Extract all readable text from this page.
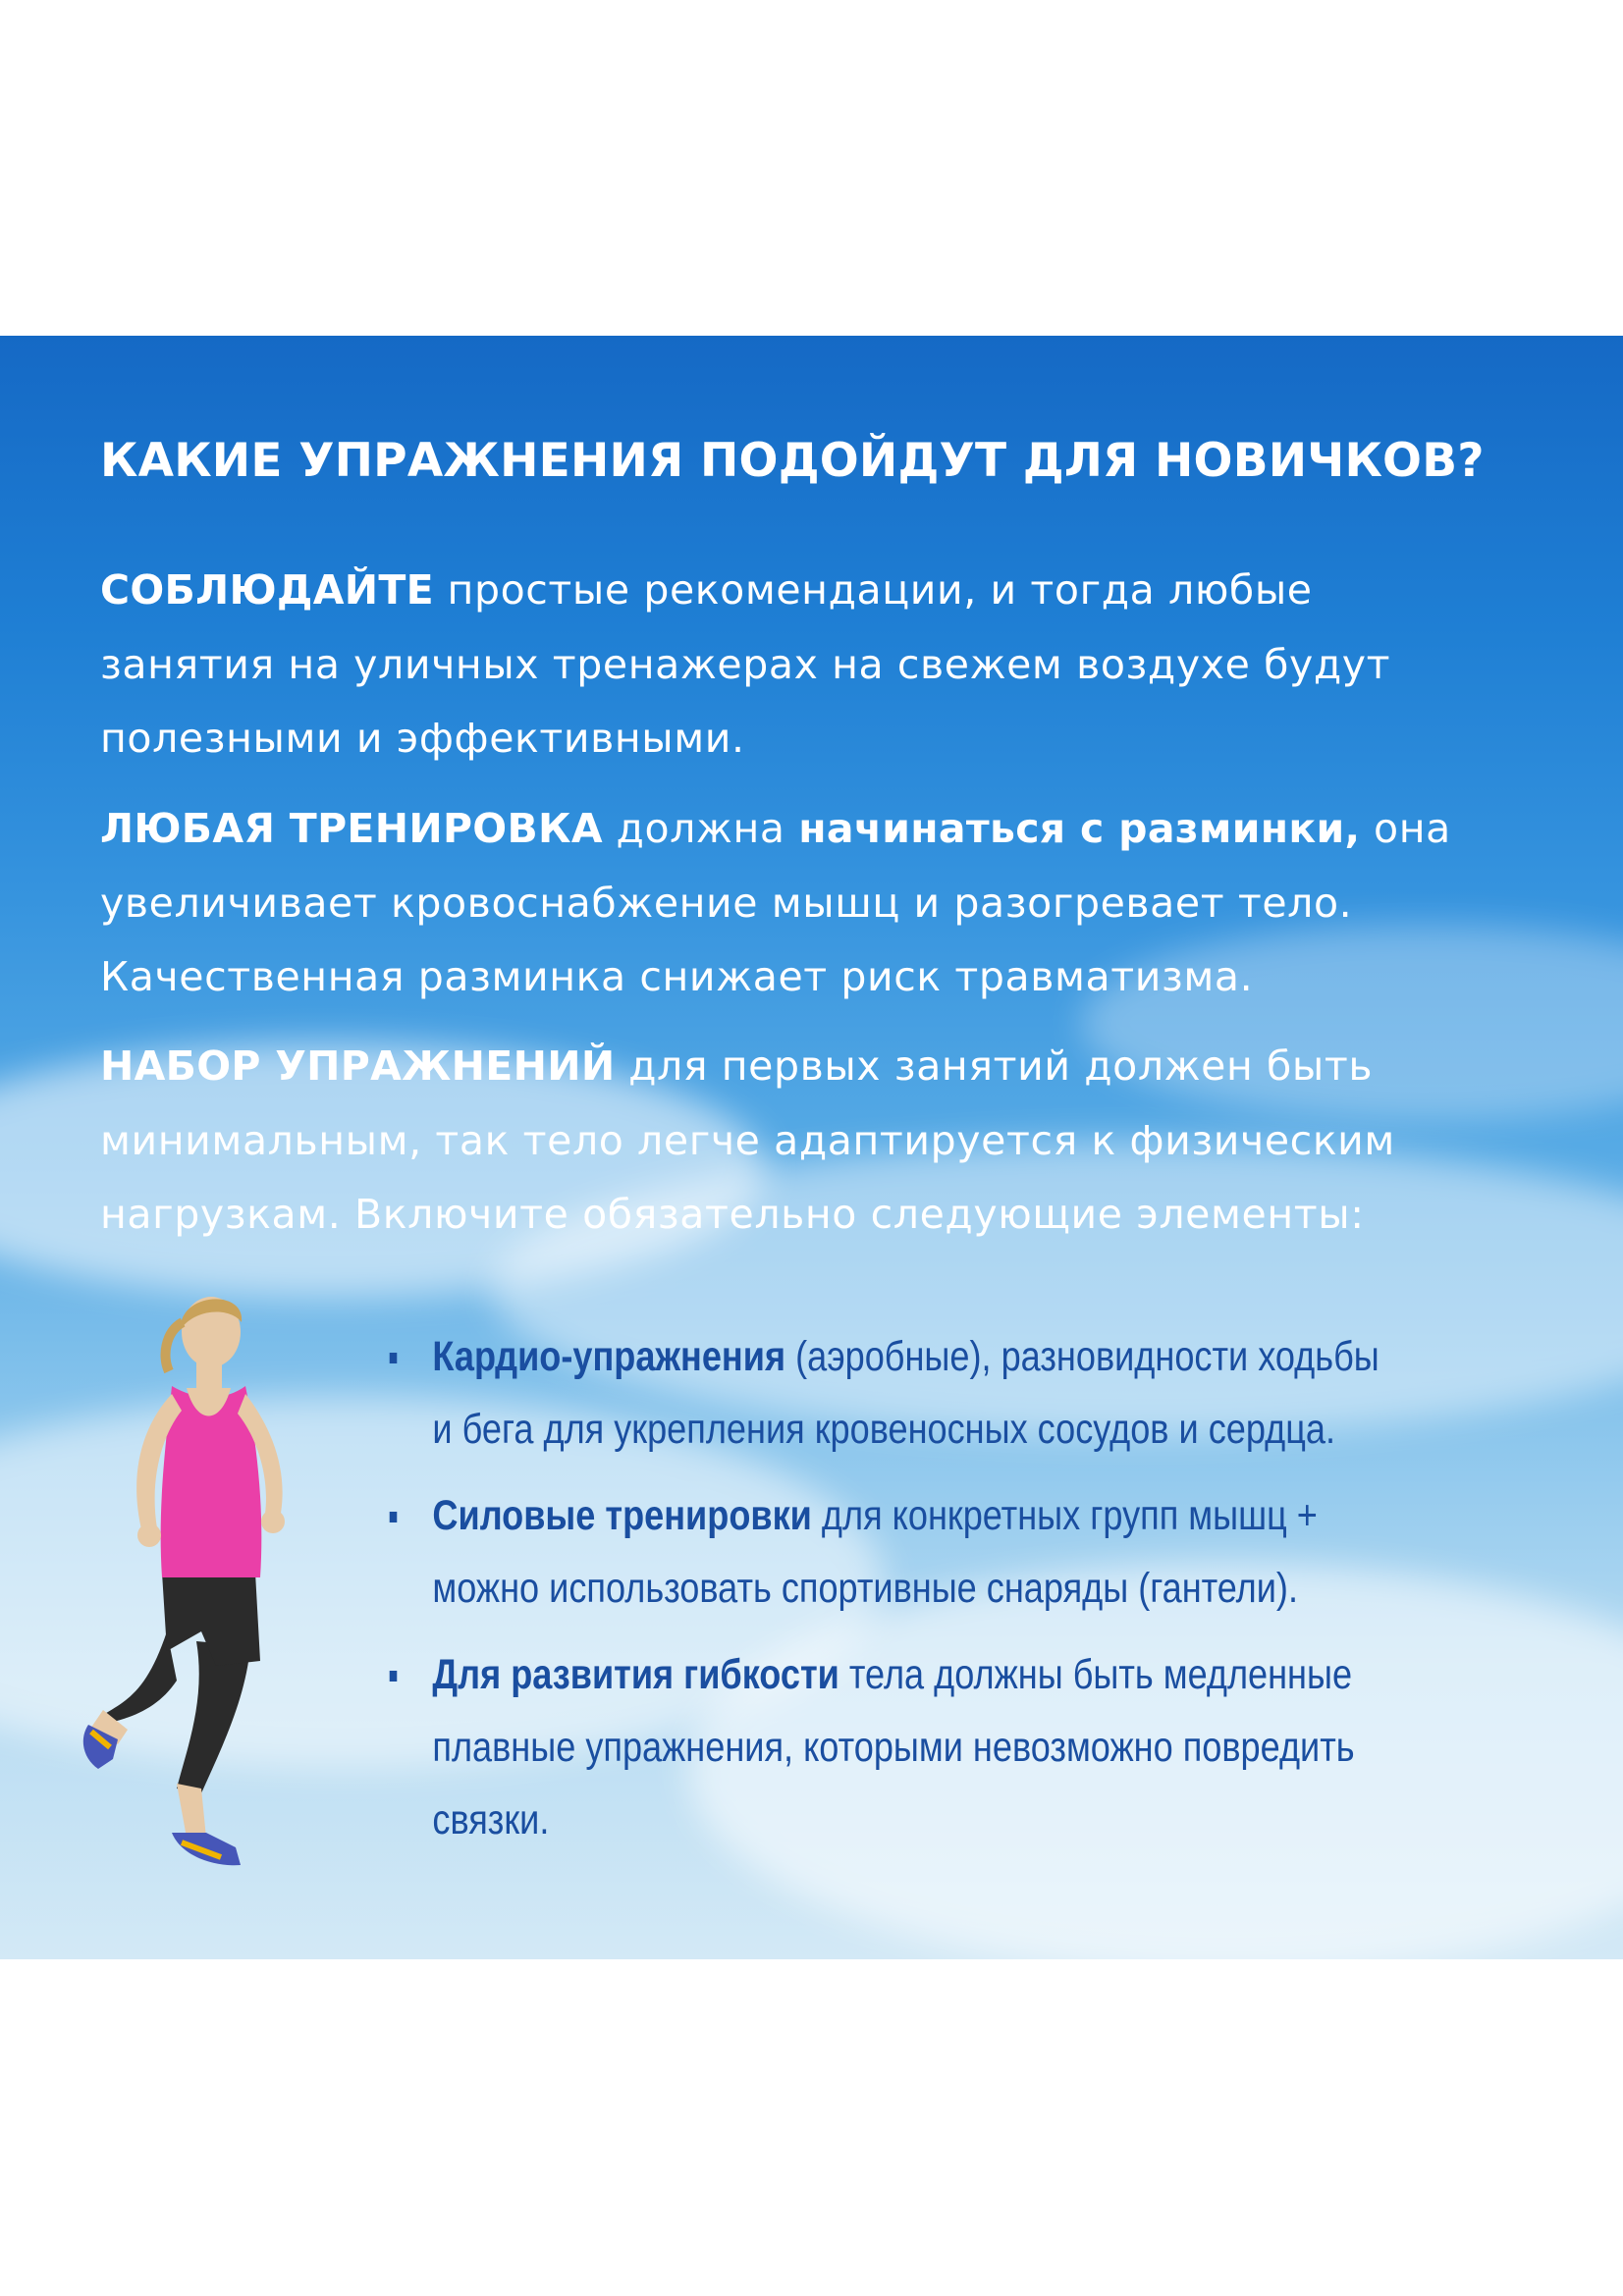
КАКИЕ УПРАЖНЕНИЯ ПОДОЙДУТ ДЛЯ НОВИЧКОВ?

СОБЛЮДАЙТЕ простые рекомендации, и тогда любые

занятия на уличных тренажерах на свежем воздухе будут

полезными и эффективными.

ЛЮБАЯ ТРЕНИРОВКА должна начинаться с разминки, она

увеличивает кровоснабжение мышц и разогревает тело.

Качественная разминка снижает риск травматизма.

НАБОР УПРАЖНЕНИЙ для первых занятий должен быть

минимальным, так тело легче адаптируется к физическим

нагрузкам. Включите обязательно следующие элементы:

Кардио-упражнения (аэробные), разновидности ходьбы
и бега для укрепления кровеносных сосудов и сердца.
Силовые тренировки для конкретных групп мышц +
можно использовать спортивные снаряды (гантели).
Для развития гибкости тела должны быть медленные
плавные упражнения, которыми невозможно повредить
связки.
